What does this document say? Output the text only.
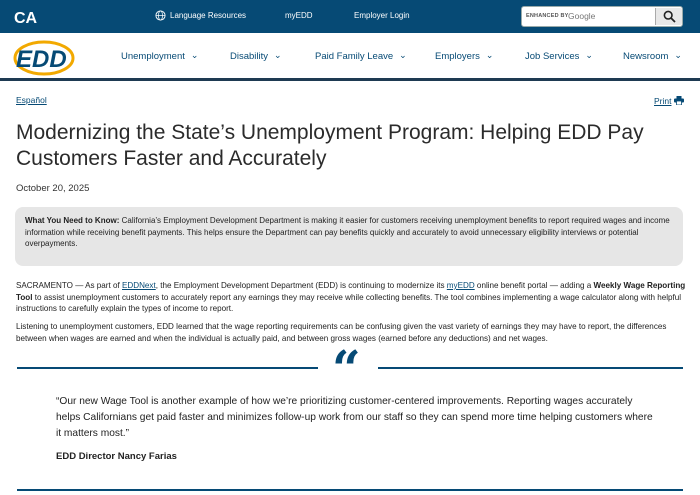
CA	Language Resources	myEDD	Employer Login	ENHANCED BY Google
EDD	Unemployment ⌄	Disability ⌄	Paid Family Leave ⌄	Employers ⌄	Job Services ⌄	Newsroom ⌄
Español	Print
Modernizing the State’s Unemployment Program: Helping EDD Pay Customers Faster and Accurately
October 20, 2025
What You Need to Know: California’s Employment Development Department is making it easier for customers receiving unemployment benefits to report required wages and income information while receiving benefit payments. This helps ensure the Department can pay benefits quickly and accurately to avoid unnecessary eligibility interviews or potential overpayments.

SACRAMENTO — As part of EDDNext, the Employment Development Department (EDD) is continuing to modernize its myEDD online benefit portal — adding a Weekly Wage Reporting Tool to assist unemployment customers to accurately report any earnings they may receive while collecting benefits. The tool combines implementing a wage calculator along with helpful instructions to carefully explain the types of income to report.

Listening to unemployment customers, EDD learned that the wage reporting requirements can be confusing given the vast variety of earnings they may have to report, the differences between when wages are earned and when the individual is actually paid, and between gross wages (earned before any deductions) and net wages.

“

“Our new Wage Tool is another example of how we’re prioritizing customer-centered improvements. Reporting wages accurately helps Californians get paid faster and minimizes follow-up work from our staff so they can spend more time helping customers where it matters most.”

EDD Director Nancy Farias
